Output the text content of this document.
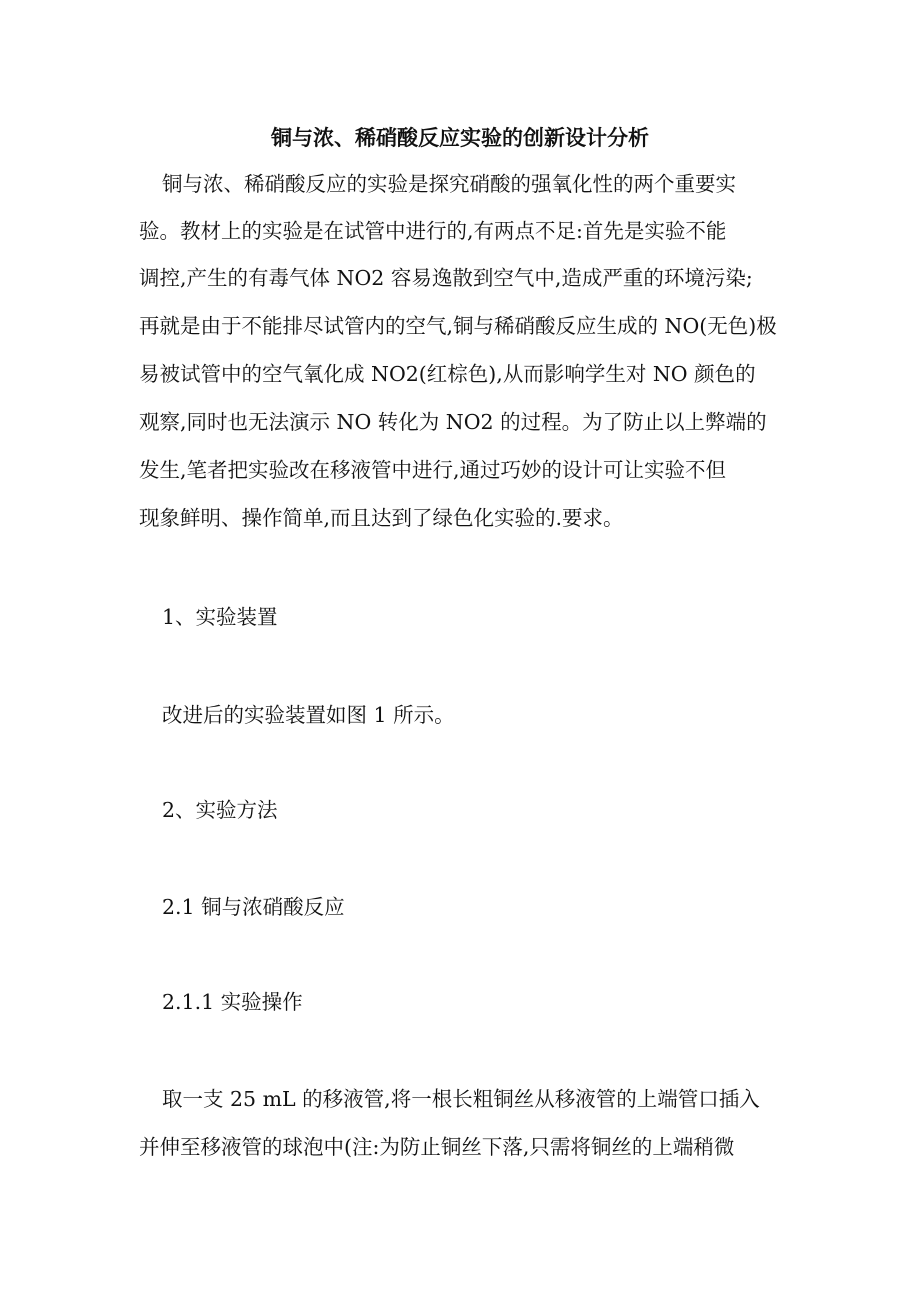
铜与浓、稀硝酸反应实验的创新设计分析
铜与浓、稀硝酸反应的实验是探究硝酸的强氧化性的两个重要实
验。教材上的实验是在试管中进行的,有两点不足:首先是实验不能
调控,产生的有毒气体 NO2 容易逸散到空气中,造成严重的环境污染;
再就是由于不能排尽试管内的空气,铜与稀硝酸反应生成的 NO(无色)极
易被试管中的空气氧化成 NO2(红棕色),从而影响学生对 NO 颜色的
观察,同时也无法演示 NO 转化为 NO2 的过程。为了防止以上弊端的
发生,笔者把实验改在移液管中进行,通过巧妙的设计可让实验不但
现象鲜明、操作简单,而且达到了绿色化实验的.要求。
1、实验装置
改进后的实验装置如图 1 所示。
2、实验方法
2.1 铜与浓硝酸反应
2.1.1 实验操作
取一支 25 mL 的移液管,将一根长粗铜丝从移液管的上端管口插入
并伸至移液管的球泡中(注:为防止铜丝下落,只需将铜丝的上端稍微
